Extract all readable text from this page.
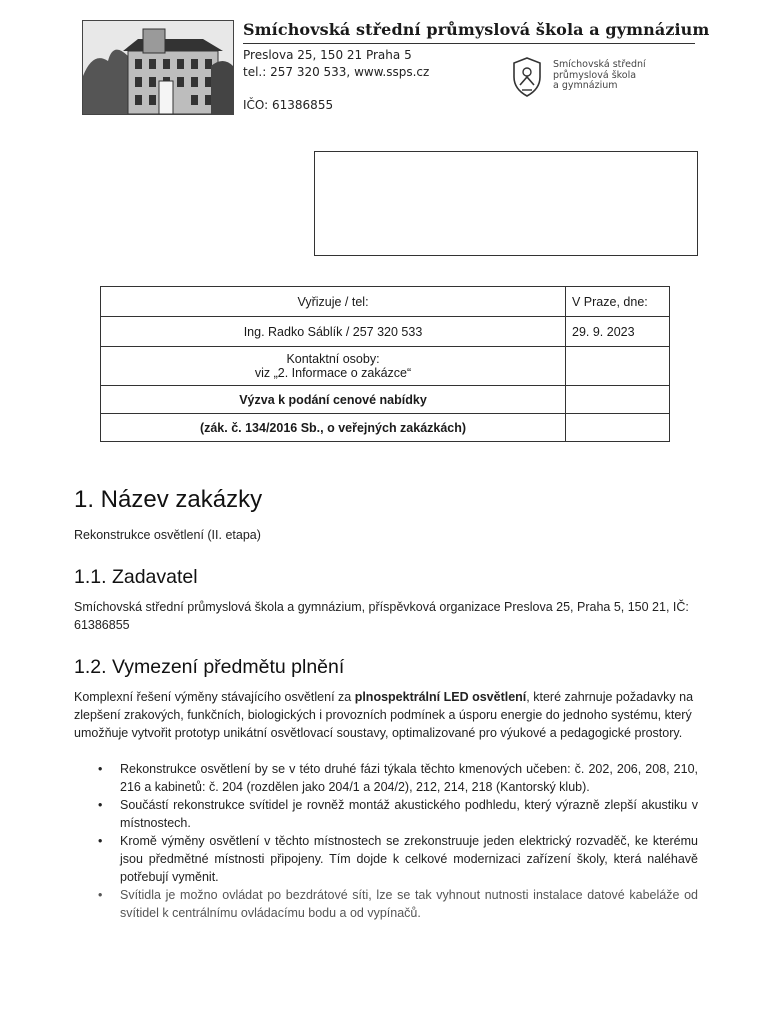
Smíchovská střední průmyslová škola a gymnázium
Preslova 25, 150 21 Praha 5
tel.: 257 320 533, www.ssps.cz
IČO: 61386855
Smíchovská střední
průmyslová škola
a gymnázium
Vyřizuje / tel:	V Praze, dne:
Ing. Radko Sáblík / 257 320 533	29. 9. 2023

Kontaktní osoby:
viz „2. Informace o zakázce“	

Výzva k podání cenové nabídky	
(zák. č. 134/2016 Sb., o veřejných zakázkách)	
1. Název zakázky

Rekonstrukce osvětlení (II. etapa)

1.1. Zadavatel

Smíchovská střední průmyslová škola a gymnázium, příspěvková organizace Preslova 25, Praha 5, 150 21, IČ: 61386855

1.2. Vymezení předmětu plnění

Komplexní řešení výměny stávajícího osvětlení za plnospektrální LED osvětlení, které zahrnuje požadavky na zlepšení zrakových, funkčních, biologických i provozních podmínek a úsporu energie do jednoho systému, který umožňuje vytvořit prototyp unikátní osvětlovací soustavy, optimalizované pro výukové a pedagogické prostory.

• Rekonstrukce osvětlení by se v této druhé fázi týkala těchto kmenových učeben: č. 202, 206, 208, 210, 216 a kabinetů: č. 204 (rozdělen jako 204/1 a 204/2), 212, 214, 218 (Kantorský klub).
• Součástí rekonstrukce svítidel je rovněž montáž akustického podhledu, který výrazně zlepší akustiku v místnostech.
• Kromě výměny osvětlení v těchto místnostech se zrekonstruuje jeden elektrický rozvaděč, ke kterému jsou předmětné místnosti připojeny. Tím dojde k celkové modernizaci zařízení školy, která naléhavě potřebují vyměnit.
• Svítidla je možno ovládat po bezdrátové síti, lze se tak vyhnout nutnosti instalace datové kabeláže od svítidel k centrálnímu ovládacímu bodu a od vypínačů.
